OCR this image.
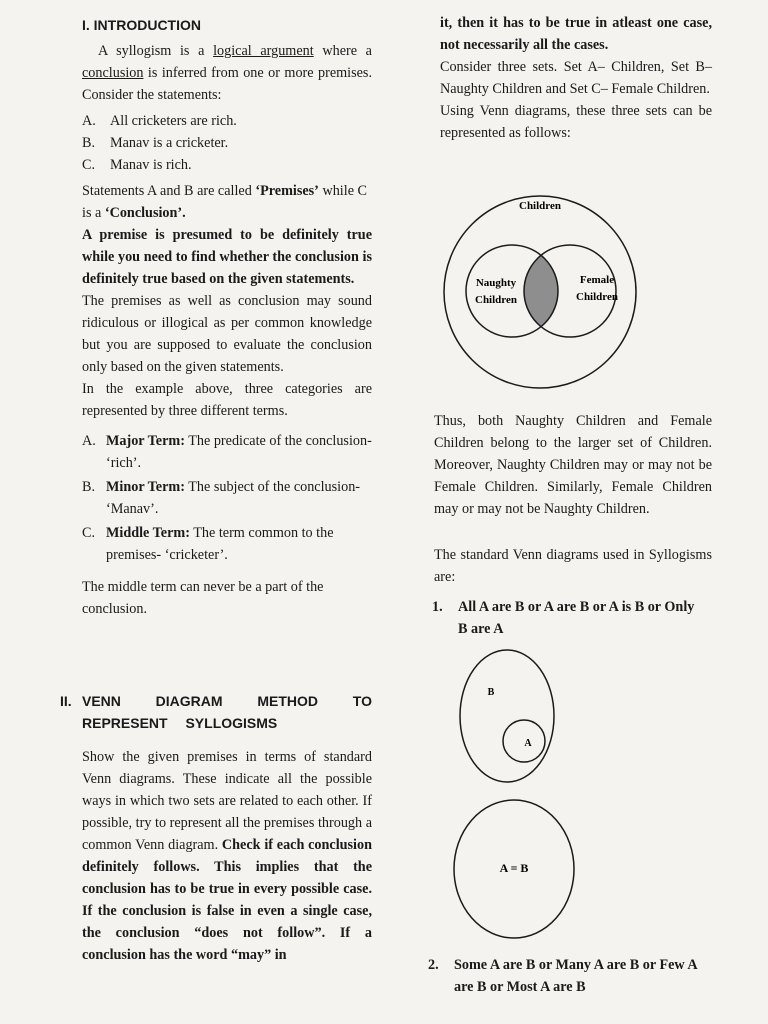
I. INTRODUCTION
A syllogism is a logical argument where a conclusion is inferred from one or more premises. Consider the statements:
A.	All cricketers are rich.
B.	Manav is a cricketer.
C.	Manav is rich.
Statements A and B are called ‘Premises’ while C is a ‘Conclusion’.
A premise is presumed to be definitely true while you need to find whether the conclusion is definitely true based on the given statements.
The premises as well as conclusion may sound ridiculous or illogical as per common knowledge but you are supposed to evaluate the conclusion only based on the given statements.
In the example above, three categories are represented by three different terms.
A. Major Term: The predicate of the conclusion- ‘rich’.
B. Minor Term: The subject of the conclusion- ‘Manav’.
C. Middle Term: The term common to the premises- ‘cricketer’.
The middle term can never be a part of the conclusion.
II. VENN DIAGRAM METHOD TO REPRESENT SYLLOGISMS
Show the given premises in terms of standard Venn diagrams. These indicate all the possible ways in which two sets are related to each other. If possible, try to represent all the premises through a common Venn diagram. Check if each conclusion definitely follows. This implies that the conclusion has to be true in every possible case. If the conclusion is false in even a single case, the conclusion “does not follow”. If a conclusion has the word “may” in
it, then it has to be true in atleast one case, not necessarily all the cases.
Consider three sets. Set A– Children, Set B– Naughty Children and Set C– Female Children.
Using Venn diagrams, these three sets can be represented as follows:
Children
Naughty
Children
Female
Children
Thus, both Naughty Children and Female Children belong to the larger set of Children. Moreover, Naughty Children may or may not be Female Children. Similarly, Female Children may or may not be Naughty Children.
The standard Venn diagrams used in Syllogisms are:
1.	All A are B or A are B or A is B or Only B are A
2.	Some A are B or Many A are B or Few A are B or Most A are B
B
A
A = B
